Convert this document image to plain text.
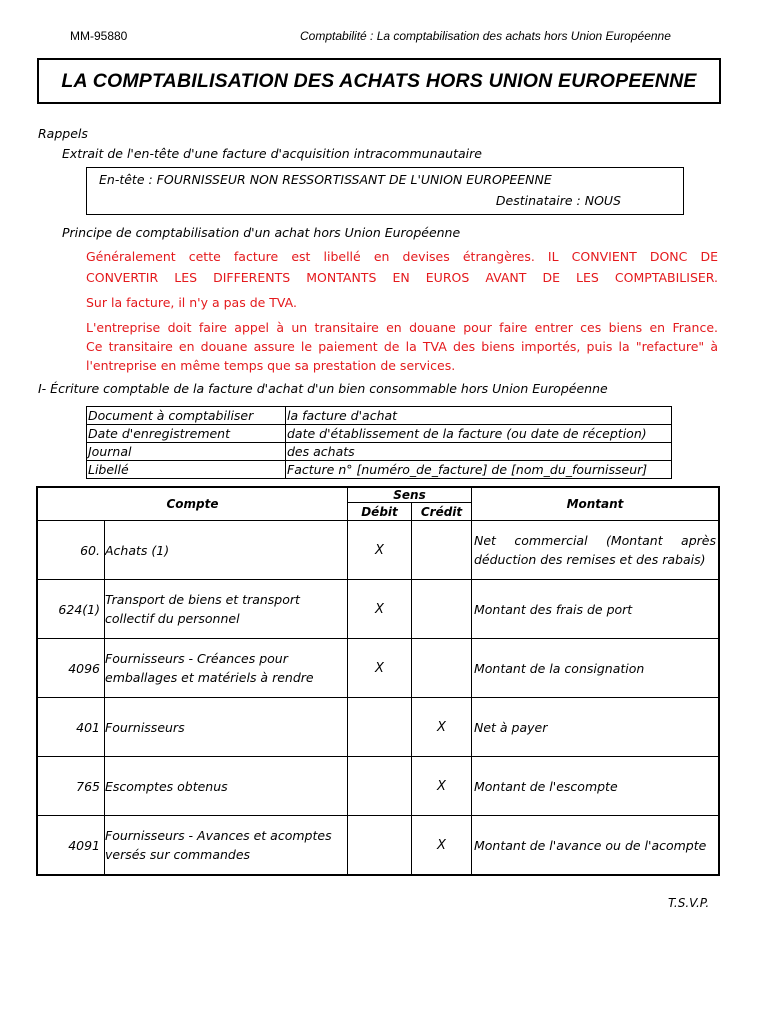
MM-95880	Comptabilité : La comptabilisation des achats hors Union Européenne
LA COMPTABILISATION DES ACHATS HORS UNION EUROPEENNE
Rappels
Extrait de l'en-tête d'une facture d'acquisition intracommunautaire
En-tête : FOURNISSEUR NON RESSORTISSANT DE L'UNION EUROPEENNE
Destinataire : NOUS
Principe de comptabilisation d'un achat hors Union Européenne
Généralement cette facture est libellé en devises étrangères. IL CONVIENT DONC DE
CONVERTIR LES DIFFERENTS MONTANTS EN EUROS AVANT DE LES COMPTABILISER.
Sur la facture, il n'y a pas de TVA.
L'entreprise doit faire appel à un transitaire en douane pour faire entrer ces biens en France.
Ce transitaire en douane assure le paiement de la TVA des biens importés, puis la "refacture" à
l'entreprise en même temps que sa prestation de services.
I- Écriture comptable de la facture d'achat d'un bien consommable hors Union Européenne
Document à comptabiliser	la facture d'achat
Date d'enregistrement	date d'établissement de la facture (ou date de réception)
Journal	des achats
Libellé	Facture n° [numéro_de_facture] de [nom_du_fournisseur]
Compte		Sens		Montant
		Débit	Crédit	

60.	Achats (1)	X		Net commercial (Montant après déduction des remises et des rabais)

624(1)	Transport de biens et transport collectif du personnel	X		Montant des frais de port

4096	Fournisseurs - Créances pour emballages et matériels à rendre	X		Montant de la consignation

401	Fournisseurs		X	Net à payer

765	Escomptes obtenus		X	Montant de l'escompte

4091	Fournisseurs - Avances et acomptes versés sur commandes		X	Montant de l'avance ou de l'acompte
T.S.V.P.
